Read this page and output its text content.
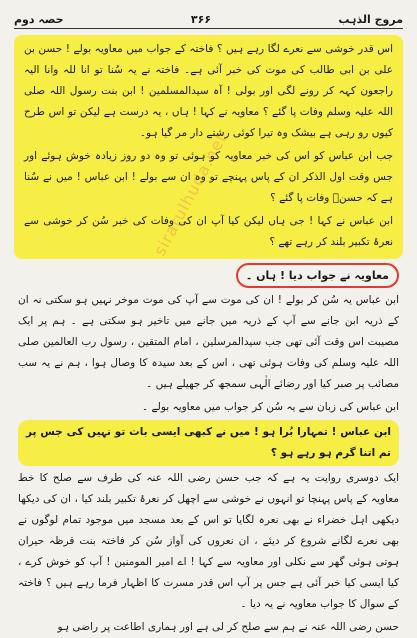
مروج الذہب
۳۶۶
حصہ دوم

اس قدر خوشی سے نعرے لگا رہے ہیں ؟ فاختہ کے جواب میں معاویہ بولے ! حسن بن علی بن ابی طالب کی موت کی خبر آئی ہے۔ فاختہ نے یہ سُنا تو انا للہ وانا الیہ راجعون کہہ کر رونے لگی اور بولی ! آہ سیدالمسلمین ! ابن بنت رسول اللہ صلی اللہ علیہ وسلم وفات پا گئے ؟ معاویہ نے کہا ! ہاں ، یہ درست ہے لیکن تو اس طرح کیوں رو رہی ہے بیشک وہ تیرا کوئی رشتے دار مر گیا ہو۔

جب ابن عباس کو اس کی خبر معاویہ کو ہوئی تو وہ دو روز زیادہ خوش ہوئے اور جس وقت اول الذکر ان کے پاس پہنچے تو وہ ان سے بولے ! ابن عباس ! میں نے سُنا ہے کہ حسنؓ وفات پا گئے ؟

ابن عباس نے کہا ! جی ہاں لیکن کیا آپ ان کی وفات کی خبر سُن کر خوشی سے نعرۂ تکبیر بلند کر رہے تھے ؟

معاویہ نے جواب دیا ! ہاں ۔

ابن عباس یہ سُن کر بولے ! ان کی موت سے آپ کی موت موخر نہیں ہو سکتی نہ ان کے ذریہ ابن جانے سے آپ کے ذریہ میں جانے میں تاخیر ہو سکتی ہے ۔ ہم پر ایک مصیبت اس وقت آئی تھی جب سیدالمرسلین ، امام المتقین ، رسول رب العالمین صلی اللہ علیہ وسلم کی وفات ہوئی تھی ، اس کے بعد سیدہ کا وصال ہوا ، ہم نے یہ سب مصائب پر صبر کیا اور رضائے الٰہی سمجھ کر جھیلے ہیں ۔

ابن عباس کی زبان سے یہ سُن کر جواب میں معاویہ بولے ۔

ابن عباس ! تمہارا بُرا ہو ! میں نے کبھی ایسی بات تو نہیں کی جس پر تم اتنا گرم ہو رہے ہو ؟

ایک دوسری روایت یہ ہے کہ جب حسن رضی اللہ عنہ کی طرف سے صلح کا خط معاویہ کے پاس پہنچا تو انہوں نے خوشی سے اچھل کر نعرۂ تکبیر بلند کیا ، ان کی دیکھا دیکھی اہل خضراء نے بھی نعرہ لگایا تو اس کے بعد مسجد میں موجود تمام لوگوں نے بھی نعرے لگانے شروع کر دیئے ، ان نعروں کی آواز سُن کر فاختہ بنت قرظہ حیران ہوتی ہوئی گھر سے نکلی اور معاویہ سے کہا ! اے امیر المومنین ! آپ کو خوش کرے ، کیا ایسی کیا خبر آئی ہے جس پر آپ اس قدر مسرت کا اظہار فرما رہے ہیں ؟ فاختہ کے سوال کا جواب معاویہ نے یہ دیا ۔

حسن رضی اللہ عنہ نے ہم سے صلح کر لی ہے اور ہماری اطاعت پر راضی ہو

siratulhuda.net
